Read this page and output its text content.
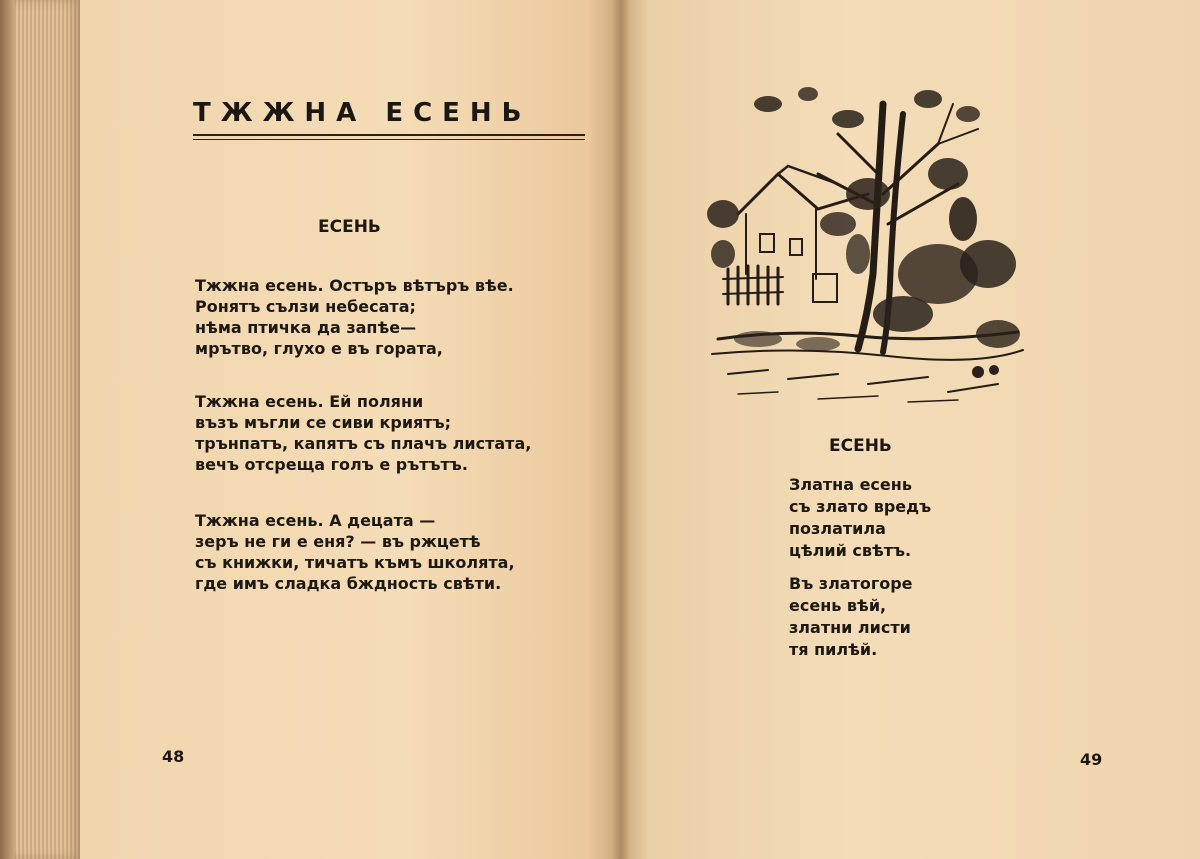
ТЖЖНА ЕСЕНЬ
ЕСЕНЬ
Тжжна есень. Остъръ вѣтъръ вѣе.
Ронятъ сълзи небесата;
нѣма птичка да запѣе—
мрътво, глухо е въ гората,
Тжжна есень. Ей поляни
възъ мъгли се сиви криятъ;
трънпатъ, капятъ съ плачъ листата,
вечъ отсреща голъ е рътътъ.
Тжжна есень. А децата —
зеръ не ги е еня? — въ ржцетѣ
съ книжки, тичатъ къмъ школята,
где имъ сладка бждность свѣти.
48
ЕСЕНЬ
Златна есень
съ злато вредъ
позлатила
цѣлий свѣтъ.
Въ златогоре
есень вѣй,
златни листи
тя пилѣй.
49
